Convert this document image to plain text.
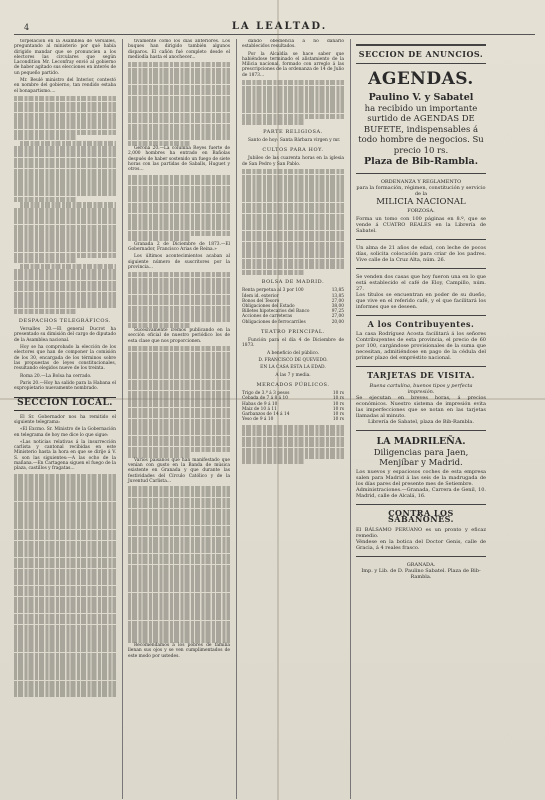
4	LA LEALTAD.

torpelación en la Asamblea de Versalles, preguntando al ministerio por qué había dirigido mandar que se pronuncien a los electores las circulares que según Lacondition Mr. Leconfray envió al gobierno de haber agitado sus elecciones en interés de un pequeño partido.

Mr. Beulé ministro del Interior, contestó en nombre del gobierno, tan rendido estaba el bonapartismo....

DESPACHOS TELEGRÁFICOS.

Versalles 20.—El general Ducrot ha presentado su dimisión del cargo de diputado de la Asamblea nacional.

Hoy se ha comprobado la elección de los electores que han de componer la comisión de los 30, encargada de los términos sobre las propuestas de leyes constitucionales, resultando elegidos nueve de los treinta.

Roma 20.—La Bolsa ha cerrado.

Paris 20.—Hoy ha salido para la Habana el expropietario nuevamente nombrado.

SECCION LOCAL.

El Sr. Gobernador nos ha remitido el siguiente telegrama:

«El Excmo. Sr. Ministro de la Gobernación en telegrama de hoy me dice lo que sigue:

«Las noticias relativas á la insurrección carlista y cantonal recibidas en este Ministerio hasta la hora en que se dirije á V. S. son las siguientes:—A las ocho de la mañana.—En Cartagena siguen el fuego de la plaza, castillos y fragatas...

tivamente como los días anteriores. Los buques han dirigido también algunos disparos. El cañón fué completo desde el mediodía hasta el anochecer...

Gerona 20.—La columna Reyes fuerte de 2,000 hombres ha entrado en Bañolas después de haber sostenido un fuego de siete horas con las partidas de Saballs, Huguet y otros...

Granada 2 de Diciembre de 1873.—El Gobernador, Francisco Arias de Reina.»

Los últimos acontecimientos acaban al siguiente número de suscritores por la provincia...

Sucesivamente iremos publicando en la sección oficial de nuestro periódico los de esta clase que nos proporcionen.

Varios paisanos que han manifestado que venían con gusto en la Banda de música existente en Granada y que durante las festividades del Círculo Católico y de la Juventud Carlista...

Recomendamos á los pobres de familia llenan sus ojos y se ven cumplimentados de este modo por ustedes.

dando obediencia á no dañarlo establecidos resultados.

Por la Alcaldía se hace saber que habiéndose terminado el alistamiento de la Milicia nacional, formado con arreglo á las prescripciones de la ordenanza de 14 de Julio de 1873...

PARTE RELIGIOSA.

Santo de hoy: Santa Bárbara virgen y mr.

CULTOS PARA HOY.

Jubileo de las cuarenta horas en la iglesia de San Pedro y San Pablo.

BOLSA DE MADRID.
Renta perpetua al 3 por 100	13,85
Ídem id. exterior	13,85
Bonos del Tesoro	27,00
Obligaciones del Estado	38,00
Billetes hipotecarios del Banco	97,25
Acciones de carreteras	27,00
Obligaciones de ferrocarriles	20,00
TEATRO PRINCIPAL.

Función para el día 4 de Diciembre de 1873.

A beneficio del público.

D. FRANCISCO DE QUEVEDO.

EN LA CASA ESTA LA EDAD.

A las 7 y media.

MERCADOS PÚBLICOS.
Trigo de 3.ª á 3 pesos	10 rs
Cebada de 7 á 8 á 10	10 rs
Habas de 9 á 10	10 rs
Maiz de 10 á 11	10 rs
Garbanzos de 14 á 14	10 rs
Yeso de 9 á 10	10 rs
SECCION DE ANUNCIOS.
AGENDAS.
Paulino V. y Sabatel
ha recibido un importante surtido de AGENDAS DE BUFETE, indispensables á todo hombre de negocios. Su precio 10 rs.
Plaza de Bib-Rambla.
ORDENANZA Y REGLAMENTO
para la formación, régimen, constitución y servicio de la
MILICIA NACIONAL
FORZOSA.
Forma un tomo con 100 páginas en 8.º, que se vende á CUATRO REALES en la Librería de Sabatel.
Un alma de 21 años de edad, con leche de pocos días, solicita colocación para criar de los padres. Vive calle de la Cruz Alta, núm. 26.
Se venden dos casas que hoy fueron una en lo que está establecido el café de Eloy, Campillo, núm. 27.
Los títulos se encuentran en poder de su dueño, que vive en el referido café, y el que facilitará los informes que se deseen.
A los Contribuyentes.
La casa Rodríguez Acosta facilitará á los señores Contribuyentes de esta provincia, el precio de 60 por 100, cargándose provisionales de la suma que necesitan, admitiéndose en pago de la cédula del primer plazo del empréstito nacional.
TARJETAS DE VISITA.
Buena cartulina, buenos tipos y perfecta impresión.
Se ejecutan en breves horas, á precios económicos. Nuestro sistema de impresión evita las imperfecciones que se notan en las tarjetas llamadas al minuto.
Librería de Sabatel, plaza de Bib-Rambla.
LA MADRILEÑA.
Diligencias para Jaen, Menjíbar y Madrid.
Los nuevos y espaciosos coches de esta empresa salen para Madrid á las seis de la madrugada de los días pares del presente mes de Setiembre.
Administraciones.—Granada, Carrera de Genil, 10. Madrid, calle de Alcalá, 16.
CONTRA LOS SABAÑONES.
El BÁLSAMO PERUANO es un pronto y eficaz remedio.
Véndese en la botica del Doctor Genis, calle de Gracia, á 4 reales frasco.
GRANADA.
Imp. y Lib. de D. Paulino Sabatel. Plaza de Bib-Rambla.
